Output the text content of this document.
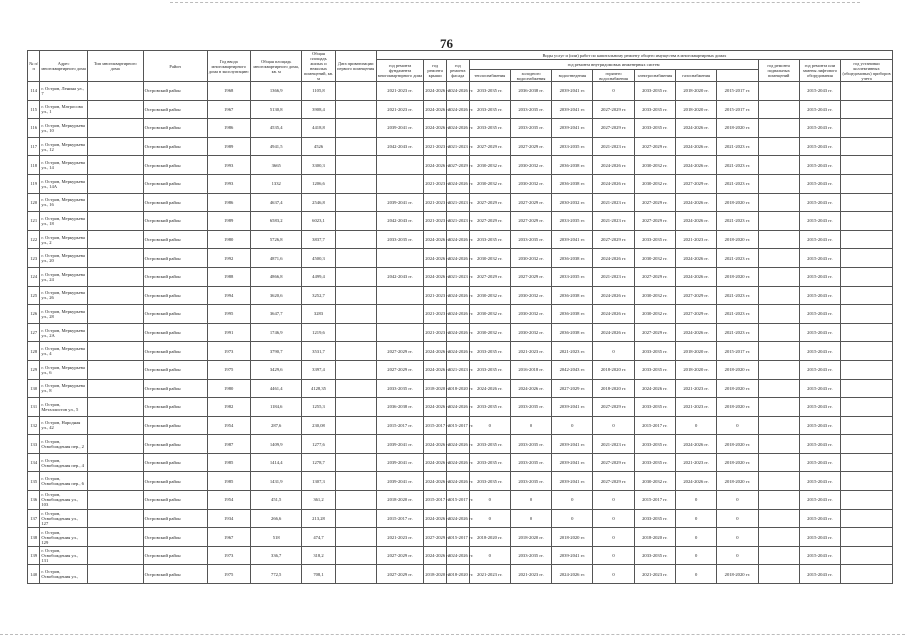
76
№ п/п	Адрес многоквартирного дома	Тип многоквартирного дома	Район	Год ввода многоквартирного дома в эксплуатацию	Общая площадь многоквартирного дома, кв. м	Общая площадь жилых и нежилых помещений, кв. м	Дата приватизации первого помещения	Виды услуг и (или) работ по капитальному ремонту общего имущества в многоквартирных домах												
								год ремонта фундамента многоквартирного дома	год ремонта крыши	год ремонта фасада	год ремонта внутридомовых инженерных систем							год ремонта подвальных помещений	год ремонта или замены лифтового оборудования	год установки коллективных (общедомовых) приборов учета
											теплоснабжения	холодного водоснабжения	водоотведения	горячего водоснабжения	электроснабжения	газоснабжения				
114	г. Остров, Ленина ул., 7		Островский район	1968	1366,9	1105,8		2021-2023 гг.	2024-2026 гг.	2024-2026 гг.	2033-2035 гг.	2036-2038 гг.	2039-2041 гг.	0	2033-2035 гг.	2018-2020 гг.	2015-2017 гг.		2015-2043 гг.	
115	г. Остров, Матросова ул., 1		Островский район	1967	5130,8	3908,4		2021-2023 гг.	2024-2026 гг.	2024-2026 гг.	2033-2035 гг.	2033-2035 гг.	2039-2041 гг.	2027-2029 гг.	2033-2035 гг.	2018-2020 гг.	2015-2017 гг.		2015-2043 гг.	
116	г. Остров, Меркурьева ул., 10		Островский район	1986	4535,4	4418,8		2039-2041 гг.	2024-2026 гг.	2024-2026 гг.	2033-2035 гг.	2033-2035 гг.	2039-2041 гг.	2027-2029 гг.	2033-2035 гг.	2024-2026 гг.	2018-2020 гг.		2015-2043 гг.	
117	г. Остров, Меркурьева ул., 12		Островский район	1989	4941,5	4526		2042-2043 гг.	2021-2023 гг.	2021-2023 гг.	2027-2029 гг.	2027-2029 гг.	2033-2035 гг.	2021-2023 гг.	2027-2029 гг.	2024-2026 гг.	2021-2023 гг.		2015-2043 гг.	
118	г. Остров, Меркурьева ул., 14		Островский район	1993	3665	3300,3			2024-2026 гг.	2027-2029 гг.	2030-2032 гг.	2030-2032 гг.	2036-2038 гг.	2024-2026 гг.	2030-2032 гг.	2024-2026 гг.	2021-2023 гг.		2015-2043 гг.	
119	г. Остров, Меркурьева ул., 14А		Островский район	1993	1332	1206,6			2021-2023 гг.	2024-2026 гг.	2030-2032 гг.	2030-2032 гг.	2036-2038 гг.	2024-2026 гг.	2030-2032 гг.	2027-2029 гг.	2021-2023 гг.		2015-2043 гг.	
120	г. Остров, Меркурьева ул., 16		Островский район	1986	4637,4	2546,8		2039-2041 гг.	2021-2023 гг.	2021-2023 гг.	2027-2029 гг.	2027-2029 гг.	2030-2032 гг.	2021-2023 гг.	2027-2029 гг.	2024-2026 гг.	2018-2020 гг.		2015-2043 гг.	
121	г. Остров, Меркурьева ул., 18		Островский район	1989	6583,2	6023,1		2042-2043 гг.	2021-2023 гг.	2021-2023 гг.	2027-2029 гг.	2027-2029 гг.	2033-2035 гг.	2021-2023 гг.	2027-2029 гг.	2024-2026 гг.	2021-2023 гг.		2015-2043 гг.	
122	г. Остров, Меркурьева ул., 2		Островский район	1980	5726,8	3837,7		2033-2035 гг.	2024-2026 гг.	2024-2026 гг.	2033-2035 гг.	2033-2035 гг.	2039-2041 гг.	2027-2029 гг.	2033-2035 гг.	2021-2023 гг.	2018-2020 гг.		2015-2043 гг.	
123	г. Остров, Меркурьева ул., 20		Островский район	1992	4871,6	4500,3			2024-2026 гг.	2024-2026 гг.	2030-2032 гг.	2030-2032 гг.	2036-2038 гг.	2024-2026 гг.	2030-2032 гг.	2024-2026 гг.	2021-2023 гг.		2015-2043 гг.	
124	г. Остров, Меркурьева ул., 24		Островский район	1988	4866,8	4499,4		2042-2043 гг.	2024-2026 гг.	2021-2023 гг.	2027-2029 гг.	2027-2029 гг.	2033-2035 гг.	2021-2023 гг.	2027-2029 гг.	2024-2026 гг.	2018-2020 гг.		2015-2043 гг.	
125	г. Остров, Меркурьева ул., 26		Островский район	1994	3620,6	3252,7			2021-2023 гг.	2024-2026 гг.	2030-2032 гг.	2030-2032 гг.	2036-2038 гг.	2024-2026 гг.	2030-2032 гг.	2027-2029 гг.	2021-2023 гг.		2015-2043 гг.	
126	г. Остров, Меркурьева ул., 28		Островский район	1995	3647,7	3283			2021-2023 гг.	2024-2026 гг.	2030-2032 гг.	2030-2032 гг.	2036-2038 гг.	2024-2026 гг.	2030-2032 гг.	2027-2029 гг.	2021-2023 гг.		2015-2043 гг.	
127	г. Остров, Меркурьева ул., 2А		Островский район	1991	1746,9	1219,6			2021-2023 гг.	2024-2026 гг.	2030-2032 гг.	2030-2032 гг.	2036-2038 гг.	2024-2026 гг.	2027-2029 гг.	2024-2026 гг.	2021-2023 гг.		2015-2043 гг.	
128	г. Остров, Меркурьева ул., 4		Островский район	1973	3790,7	3531,7		2027-2029 гг.	2024-2026 гг.	2024-2026 гг.	2033-2035 гг.	2021-2023 гг.	2021-2023 гг.	0	2033-2035 гг.	2018-2020 гг.	2015-2017 гг.		2015-2043 гг.	
129	г. Остров, Меркурьева ул., 6		Островский район	1975	3429,6	3397,4		2027-2029 гг.	2024-2026 гг.	2021-2023 гг.	2033-2035 гг.	2016-2018 гг.	2042-2043 гг.	2018-2020 гг.	2033-2035 гг.	2018-2020 гг.	2018-2020 гг.		2015-2043 гг.	
130	г. Остров, Меркурьева ул., 8		Островский район	1980	4461,4	4128,35		2033-2035 гг.	2018-2020 гг.	2018-2020 гг.	2024-2026 гг.	2024-2026 гг.	2027-2029 гг.	2018-2020 гг.	2024-2026 гг.	2021-2023 гг.	2018-2020 гг.		2015-2043 гг.	
131	г. Остров, Металлистов ул., 5		Островский район	1982	1184,6	1255,3		2036-2038 гг.	2024-2026 гг.	2024-2026 гг.	2033-2035 гг.	2033-2035 гг.	2039-2041 гг.	2027-2029 гг.	2033-2035 гг.	2021-2023 гг.	2018-2020 гг.		2015-2043 гг.	
132	г. Остров, Народная ул., 42		Островский район	1954	287,6	230,08		2015-2017 гг.	2015-2017 гг.	2015-2017 гг.	0	0	0	0	2015-2017 гг.	0	0		2015-2043 гг.	
133	г. Остров, Освобождения пер., 2		Островский район	1987	1409,9	1277,6		2039-2041 гг.	2024-2026 гг.	2024-2026 гг.	2033-2035 гг.	2033-2035 гг.	2039-2041 гг.	2021-2023 гг.	2033-2035 гг.	2024-2026 гг.	2018-2020 гг.		2015-2043 гг.	
134	г. Остров, Освобождения пер., 4		Островский район	1985	1414,4	1278,7		2039-2041 гг.	2024-2026 гг.	2024-2026 гг.	2033-2035 гг.	2033-2035 гг.	2039-2041 гг.	2027-2029 гг.	2033-2035 гг.	2021-2023 гг.	2018-2020 гг.		2015-2043 гг.	
135	г. Остров, Освобождения пер., 6		Островский район	1985	1431,9	1307,3		2039-2041 гг.	2024-2026 гг.	2024-2026 гг.	2033-2035 гг.	2033-2035 гг.	2039-2041 гг.	2027-2029 гг.	2030-2032 гг.	2024-2026 гг.	2018-2020 гг.		2015-2043 гг.	
136	г. Остров, Освобождения ул., 103		Островский район	1954	451,5	361,2		2018-2020 гг.	2015-2017 гг.	2015-2017 гг.	0	0	0	0	2015-2017 гг.	0	0		2015-2043 гг.	
137	г. Остров, Освобождения ул., 127		Островский район	1934	266,6	213,28		2015-2017 гг.	2024-2026 гг.	2024-2026 гг.	0	0	0	0	2033-2035 гг.	0	0		2015-2043 гг.	
138	г. Остров, Освобождения ул., 129		Островский район	1967	518	474,7		2021-2023 гг.	2027-2029 гг.	2015-2017 гг.	2018-2020 гг.	2018-2020 гг.	2018-2020 гг.	0	2018-2020 гг.	0	0		2015-2043 гг.	
139	г. Остров, Освобождения ул., 131		Островский район	1973	336,7	318,2		2027-2029 гг.	2024-2026 гг.	2024-2026 гг.	0	2033-2035 гг.	2039-2041 гг.	0	2033-2035 гг.	0	0		2015-2043 гг.	
140	г. Остров, Освобождения ул.,		Островский район	1975	772,5	708,1		2027-2029 гг.	2018-2020 гг.	2018-2020 гг.	2021-2023 гг.	2021-2023 гг.	2024-2026 гг.	0	2021-2023 гг.	0	2018-2020 гг.		2015-2043 гг.	
